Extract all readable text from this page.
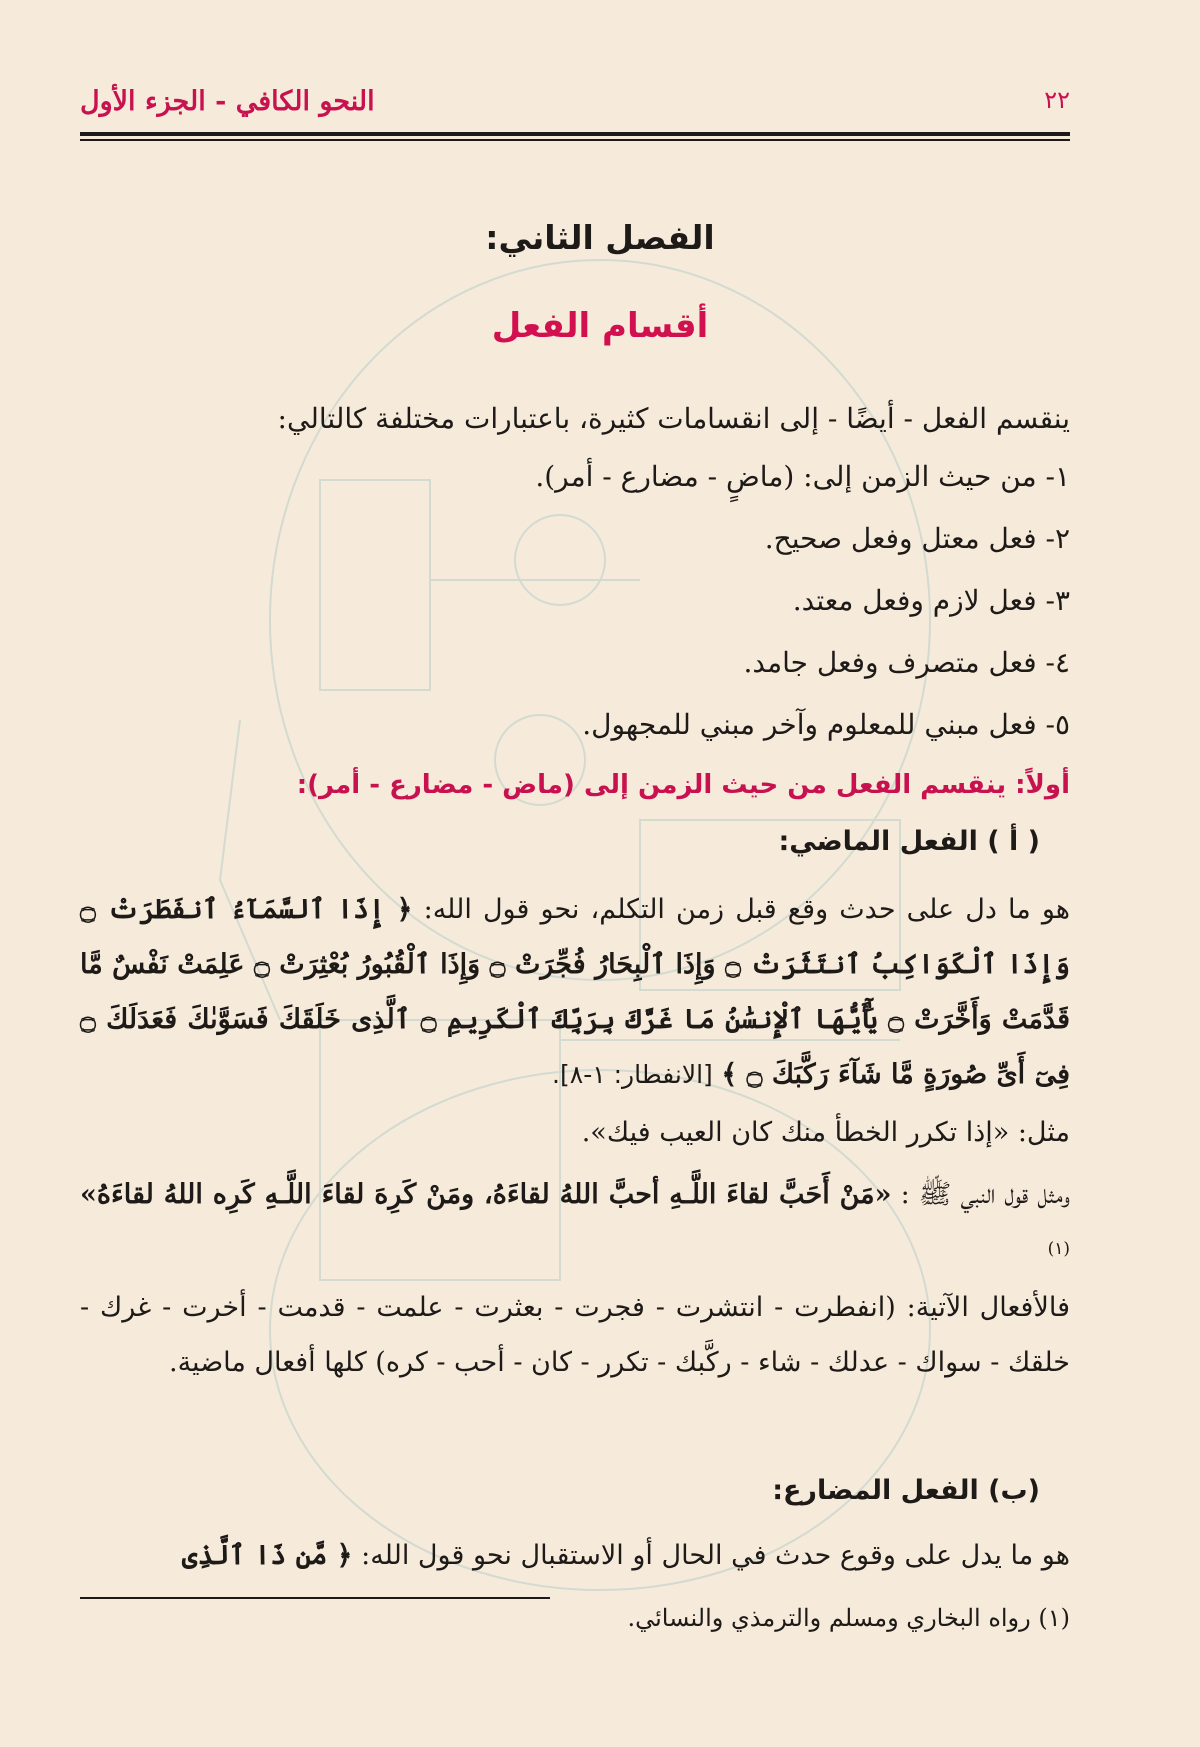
النحو الكافي - الجزء الأول	٢٢
الفصل الثاني:
أقسام الفعل
ينقسم الفعل - أيضًا - إلى انقسامات كثيرة، باعتبارات مختلفة كالتالي:
١- من حيث الزمن إلى: (ماضٍ - مضارع - أمر).
٢- فعل معتل وفعل صحيح.
٣- فعل لازم وفعل معتد.
٤- فعل متصرف وفعل جامد.
٥- فعل مبني للمعلوم وآخر مبني للمجهول.
أولاً: ينقسم الفعل من حيث الزمن إلى (ماض - مضارع - أمر):
( أ ) الفعل الماضي:
هو ما دل على حدث وقع قبل زمن التكلم، نحو قول الله: ﴿ إِذَا ٱلسَّمَآءُ ٱنفَطَرَتْ ۝ وَإِذَا ٱلْكَوَاكِبُ ٱنتَثَرَتْ ۝ وَإِذَا ٱلْبِحَارُ فُجِّرَتْ ۝ وَإِذَا ٱلْقُبُورُ بُعْثِرَتْ ۝ عَلِمَتْ نَفْسٌ مَّا قَدَّمَتْ وَأَخَّرَتْ ۝ يَٰٓأَيُّهَا ٱلْإِنسَٰنُ مَا غَرَّكَ بِرَبِّكَ ٱلْكَرِيمِ ۝ ٱلَّذِى خَلَقَكَ فَسَوَّىٰكَ فَعَدَلَكَ ۝ فِىٓ أَىِّ صُورَةٍ مَّا شَآءَ رَكَّبَكَ ۝ ﴾ [الانفطار: ١-٨].
مثل: «إذا تكرر الخطأ منك كان العيب فيك».
ومثل قول النبي ﷺ : «مَنْ أَحَبَّ لقاءَ اللَّـهِ أحبَّ اللهُ لقاءَهُ، ومَنْ كَرِهَ لقاءَ اللَّـهِ كَرِه اللهُ لقاءَهُ» $^{(١)}$
فالأفعال الآتية: (انفطرت - انتشرت - فجرت - بعثرت - علمت - قدمت - أخرت - غرك - خلقك - سواك - عدلك - شاء - ركَّبك - تكرر - كان - أحب - كره) كلها أفعال ماضية.
(ب) الفعل المضارع:
هو ما يدل على وقوع حدث في الحال أو الاستقبال نحو قول الله: ﴿ مَّن ذَا ٱلَّذِى
(١) رواه البخاري ومسلم والترمذي والنسائي.
